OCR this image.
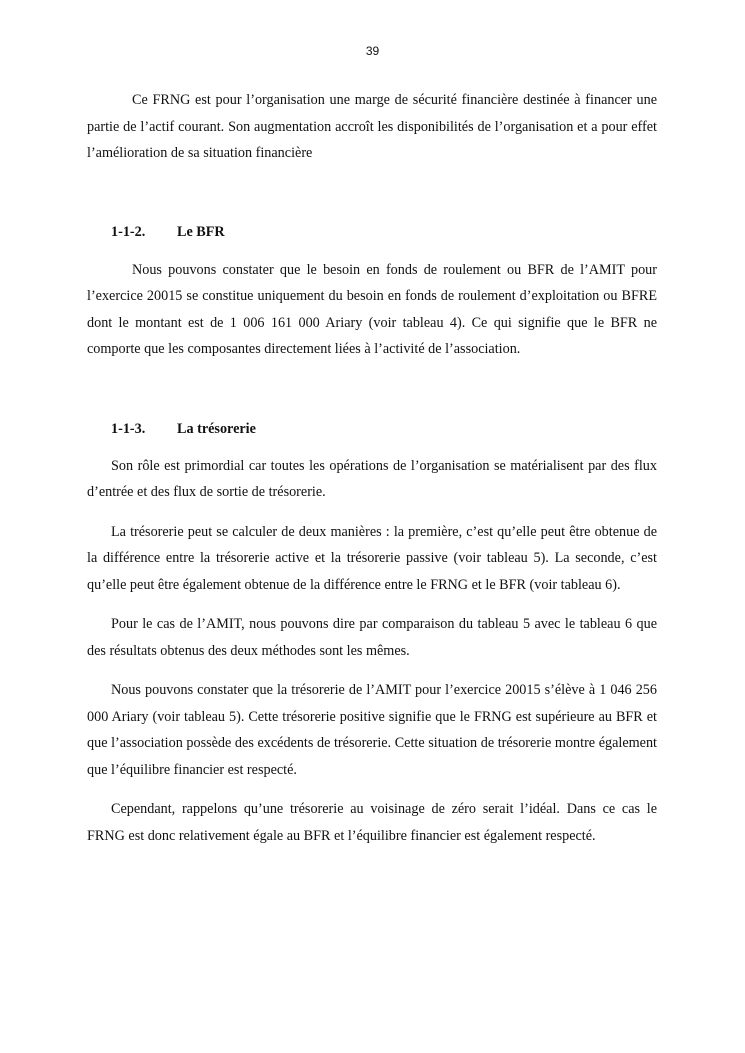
39

Ce FRNG est pour l’organisation une marge de sécurité financière destinée à financer une partie de l’actif courant. Son augmentation accroît les disponibilités de l’organisation et a pour effet l’amélioration de sa situation financière

1-1-2.	Le BFR

Nous pouvons constater que le besoin en fonds de roulement ou BFR de l’AMIT pour l’exercice 20015 se constitue uniquement du besoin en fonds de roulement d’exploitation ou BFRE dont le montant est de 1 006 161 000 Ariary (voir tableau 4). Ce qui signifie que le BFR ne comporte que les composantes directement liées à l’activité de l’association.

1-1-3.	La trésorerie

Son rôle est primordial car toutes les opérations de l’organisation se matérialisent par des flux d’entrée et des flux de sortie de trésorerie.

La trésorerie peut se calculer de deux manières : la première, c’est qu’elle peut être obtenue de la différence entre la trésorerie active et la trésorerie passive (voir tableau 5). La seconde, c’est qu’elle peut être également obtenue de la différence entre le FRNG et le BFR (voir tableau 6).

Pour le cas de l’AMIT, nous pouvons dire par comparaison du tableau 5 avec le tableau 6 que des résultats obtenus des deux méthodes sont les mêmes.

Nous pouvons constater que la trésorerie de l’AMIT pour l’exercice 20015 s’élève à 1 046 256 000 Ariary (voir tableau 5). Cette trésorerie positive signifie que le FRNG est supérieure au BFR et que l’association possède des excédents de trésorerie. Cette situation de trésorerie montre également que l’équilibre financier est respecté.

Cependant, rappelons qu’une trésorerie au voisinage de zéro serait l’idéal. Dans ce cas le FRNG est donc relativement égale au BFR et l’équilibre financier est également respecté.
